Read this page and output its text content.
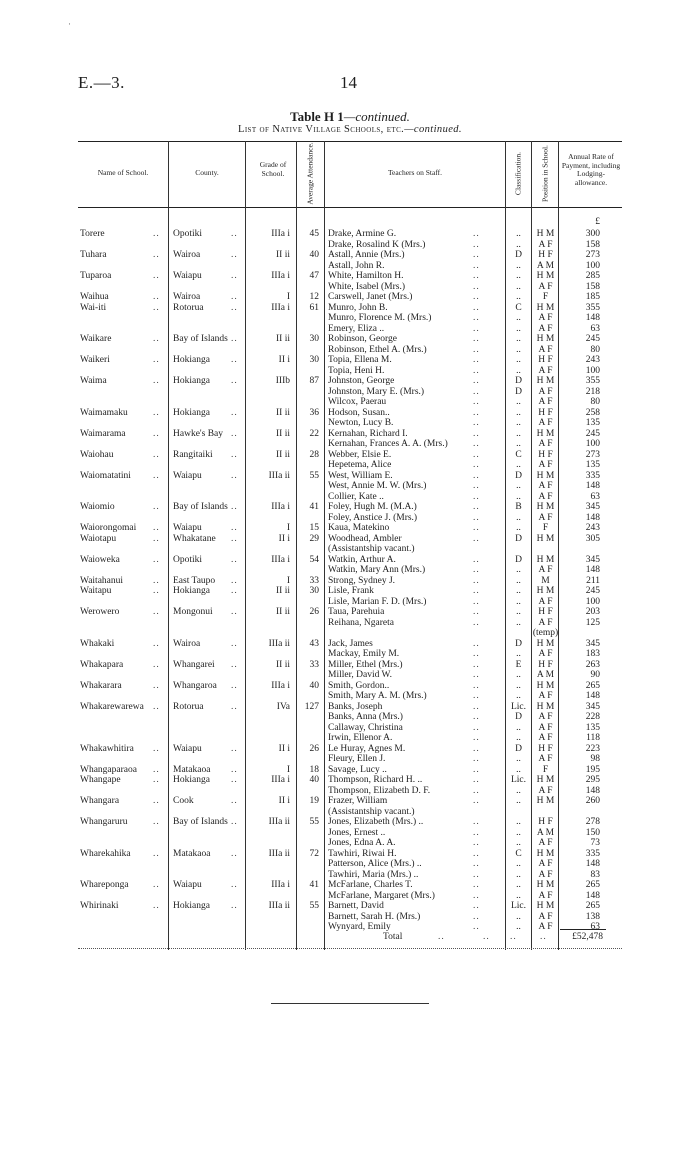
·
E.—3.	14
Table H 1—continued.
List of Native Village Schools, etc.—continued.
Name of School.	County.
Grade of School.	Average Attendance.	Teachers on Staff.	Classification. Position in School.	Annual Rate of Payment, including Lodging-allowance.
£
Torere	.. Opotiki	..	IIIa i	45 Drake, Armine G.	..	..	H M	300
Drake, Rosalind K (Mrs.)	..	..	A F	158
Tuhara	.. Wairoa	..	II ii	40 Astall, Annie (Mrs.)	..	D	H F	273
Astall, John R.	..	..	A M	100
Tuparoa	.. Waiapu	..	IIIa i	47 White, Hamilton H.	..	..	H M	285
White, Isabel (Mrs.)	..	..	A F	158
Waihua	.. Wairoa	..	I	12 Carswell, Janet (Mrs.)	..	..	F	185
Wai-iti	.. Rotorua	..	IIIa i	61 Munro, John B.	..	C	H M	355
Munro, Florence M. (Mrs.)	..	..	A F	148
Emery, Eliza ..	..	..	A F	63
Waikare	.. Bay of Islands ..	II ii	30 Robinson, George	..	..	H M	245
Robinson, Ethel A. (Mrs.)	..	..	A F	80
Waikeri	.. Hokianga ..	II i	30 Topia, Ellena M.	..	..	H F	243
Topia, Heni H.	..	..	A F	100
Waima	.. Hokianga ..	IIIb	87 Johnston, George	..	D	H M	355
Johnston, Mary E. (Mrs.)	..	D	A F	218
Wilcox, Paerau	..	..	A F	80
Waimamaku	.. Hokianga ..	II ii	36 Hodson, Susan..	..	..	H F	258
Newton, Lucy B.	..	..	A F	135
Waimarama	.. Hawke's Bay ..	II ii	22 Kernahan, Richard I.	..	..	H M	245
Kernahan, Frances A. A. (Mrs.)	..	..	A F	100
Waiohau	.. Rangitaiki ..	II ii	28 Webber, Elsie E.	..	C	H F	273
Hepetema, Alice	..	..	A F	135
Waiomatatini .. Waiapu	..	IIIa ii	55 West, William E.	..	D	H M	335
West, Annie M. W. (Mrs.)	..	..	A F	148
Collier, Kate ..	..	..	A F	63
Waiomio	.. Bay of Islands ..	IIIa i	41 Foley, Hugh M. (M.A.)	..	B	H M	345
Foley, Anstice J. (Mrs.)	..	..	A F	148
Waiorongomai .. Waiapu	..	I	15 Kaua, Matekino	..	..	F	243
Waiotapu	.. Whakatane ..	II i	29 Woodhead, Ambler	..	D	H M	305
(Assistantship vacant.)
Waioweka	.. Opotiki	..	IIIa i	54 Watkin, Arthur A.	..	D	H M	345
Watkin, Mary Ann (Mrs.)	..	..	A F	148
Waitahanui	.. East Taupo ..	I	33 Strong, Sydney J.	..	..	M	211
Waitapu	.. Hokianga ..	II ii	30 Lisle, Frank	..	..	H M	245
Lisle, Marian F. D. (Mrs.)	..	..	A F	100
Werowero	.. Mongonui ..	II ii	26 Taua, Parehuia	..	..	H F	203
Reihana, Ngareta	..	..	A F	125
(temp)
Whakaki	.. Wairoa	..	IIIa ii	43 Jack, James	..	D	H M	345
Mackay, Emily M.	..	..	A F	183
Whakapara	.. Whangarei ..	II ii	33 Miller, Ethel (Mrs.)	..	E	H F	263
Miller, David W.	..	..	A M	90
Whakarara	.. Whangaroa ..	IIIa i	40 Smith, Gordon..	..	..	H M	265
Smith, Mary A. M. (Mrs.)	..	..	A F	148
Whakarewarewa .. Rotorua	..	IVa	127 Banks, Joseph	..	Lic.	H M	345
Banks, Anna (Mrs.)	..	D	A F	228
Callaway, Christina	..	..	A F	135
Irwin, Ellenor A.	..	..	A F	118
Whakawhitira .. Waiapu	..	II i	26 Le Huray, Agnes M.	..	D	H F	223
Fleury, Ellen J.	..	..	A F	98
Whangaparaoa .. Matakaoa ..	I	18 Savage, Lucy ..	..	..	F	195
Whangape	.. Hokianga ..	IIIa i	40 Thompson, Richard H. ..	..	Lic.	H M	295
Thompson, Elizabeth D. F.	..	..	A F	148
Whangara	.. Cook	..	II i	19 Frazer, William	..	..	H M	260
(Assistantship vacant.)
Whangaruru	.. Bay of Islands ..	IIIa ii	55 Jones, Elizabeth (Mrs.) ..	..	..	H F	278
Jones, Ernest ..	..	..	A M	150
Jones, Edna A. A.	..	..	A F	73
Wharekahika .. Matakaoa ..	IIIa ii	72 Tawhiri, Riwai H.	..	C	H M	335
Patterson, Alice (Mrs.) ..	..	..	A F	148
Tawhiri, Maria (Mrs.) ..	..	..	A F	83
Whareponga	.. Waiapu	..	IIIa i	41 McFarlane, Charles T.	..	..	H M	265
McFarlane, Margaret (Mrs.)	..	..	A F	148
Whirinaki	.. Hokianga ..	IIIa ii	55 Barnett, David	..	Lic.	H M	265
Barnett, Sarah H. (Mrs.)	..	..	A F	138
Wynyard, Emily	..	..	A F	63
Total	..	.. .. ..	£52,478
